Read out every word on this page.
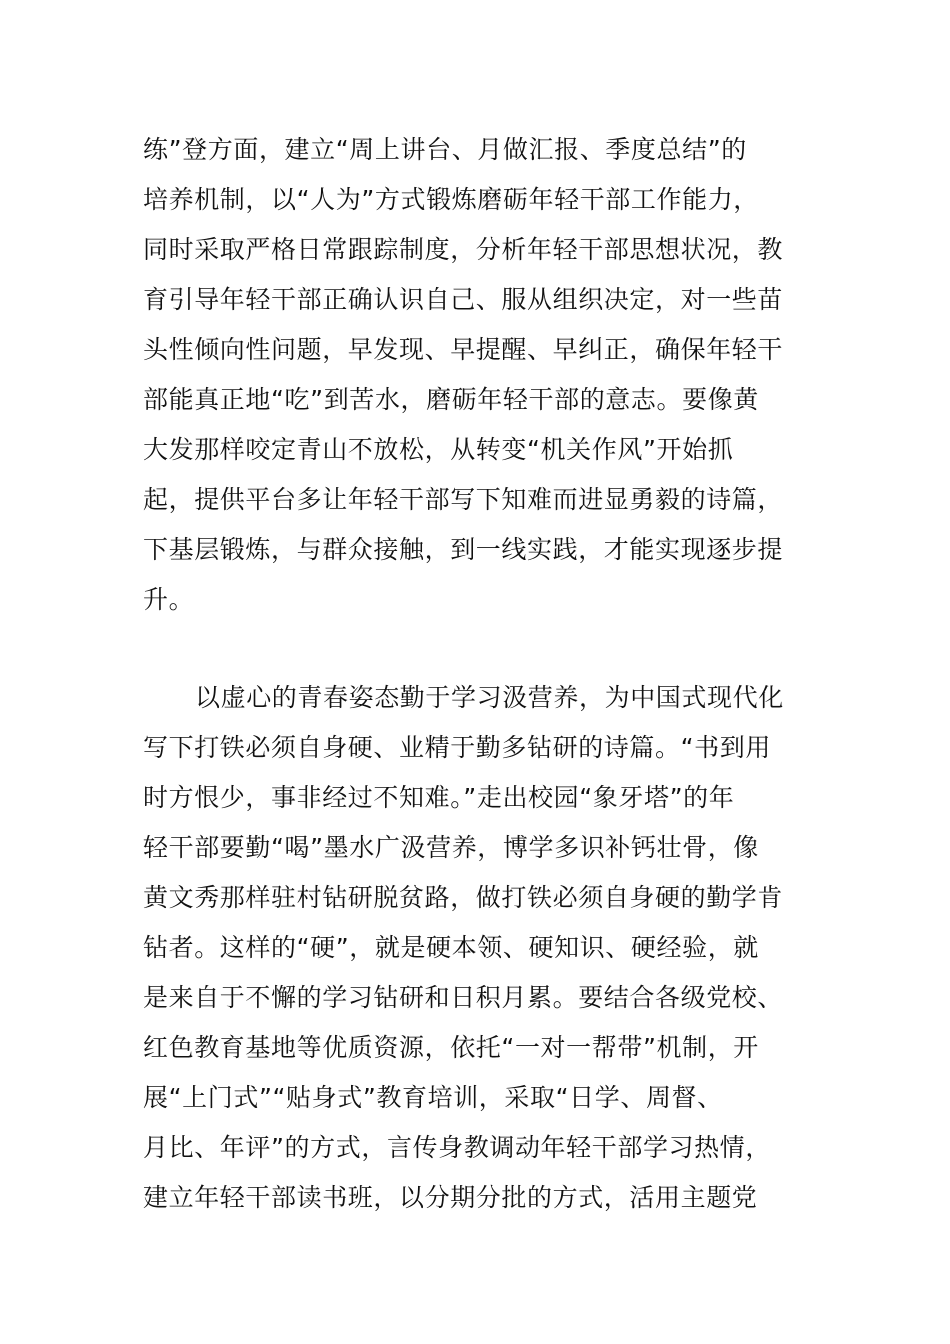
练”登方面，建立“周上讲台、月做汇报、季度总结”的
培养机制，以“人为”方式锻炼磨砺年轻干部工作能力，
同时采取严格日常跟踪制度，分析年轻干部思想状况，教
育引导年轻干部正确认识自己、服从组织决定，对一些苗
头性倾向性问题，早发现、早提醒、早纠正，确保年轻干
部能真正地“吃”到苦水，磨砺年轻干部的意志。要像黄
大发那样咬定青山不放松，从转变“机关作风”开始抓
起，提供平台多让年轻干部写下知难而进显勇毅的诗篇，
下基层锻炼，与群众接触，到一线实践，才能实现逐步提
升。
以虚心的青春姿态勤于学习汲营养，为中国式现代化
写下打铁必须自身硬、业精于勤多钻研的诗篇。“书到用
时方恨少，事非经过不知难。”走出校园“象牙塔”的年
轻干部要勤“喝”墨水广汲营养，博学多识补钙壮骨，像
黄文秀那样驻村钻研脱贫路，做打铁必须自身硬的勤学肯
钻者。这样的“硬”，就是硬本领、硬知识、硬经验，就
是来自于不懈的学习钻研和日积月累。要结合各级党校、
红色教育基地等优质资源，依托“一对一帮带”机制，开
展“上门式”“贴身式”教育培训，采取“日学、周督、
月比、年评”的方式，言传身教调动年轻干部学习热情，
建立年轻干部读书班，以分期分批的方式，活用主题党
